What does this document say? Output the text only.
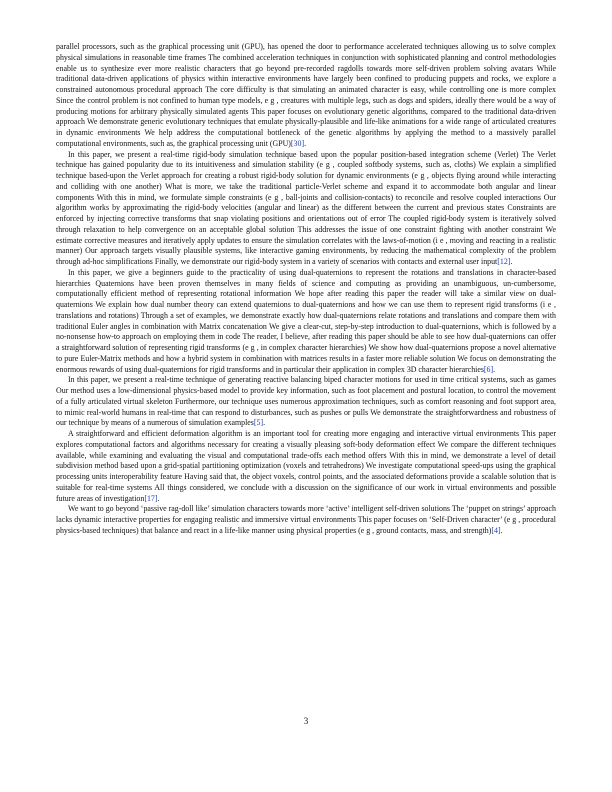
parallel processors, such as the graphical processing unit (GPU), has opened the door to performance accelerated techniques allowing us to solve complex physical simulations in reasonable time frames The combined acceleration techniques in conjunction with sophisticated planning and control methodologies enable us to synthesize ever more realistic characters that go beyond pre-recorded ragdolls towards more self-driven problem solving avatars While traditional data-driven applications of physics within interactive environments have largely been confined to producing puppets and rocks, we explore a constrained autonomous procedural approach The core difficulty is that simulating an animated character is easy, while controlling one is more complex Since the control problem is not confined to human type models, e g , creatures with multiple legs, such as dogs and spiders, ideally there would be a way of producing motions for arbitrary physically simulated agents This paper focuses on evolutionary genetic algorithms, compared to the traditional data-driven approach We demonstrate generic evolutionary techniques that emulate physically-plausible and life-like animations for a wide range of articulated creatures in dynamic environments We help address the computational bottleneck of the genetic algorithms by applying the method to a massively parallel computational environments, such as, the graphical processing unit (GPU)[30].

In this paper, we present a real-time rigid-body simulation technique based upon the popular position-based integration scheme (Verlet) The Verlet technique has gained popularity due to its intuitiveness and simulation stability (e g , coupled softbody systems, such as, cloths) We explain a simplified technique based-upon the Verlet approach for creating a robust rigid-body solution for dynamic environments (e g , objects flying around while interacting and colliding with one another) What is more, we take the traditional particle-Verlet scheme and expand it to accommodate both angular and linear components With this in mind, we formulate simple constraints (e g , ball-joints and collision-contacts) to reconcile and resolve coupled interactions Our algorithm works by approximating the rigid-body velocities (angular and linear) as the different between the current and previous states Constraints are enforced by injecting corrective transforms that snap violating positions and orientations out of error The coupled rigid-body system is iteratively solved through relaxation to help convergence on an acceptable global solution This addresses the issue of one constraint fighting with another constraint We estimate corrective measures and iteratively apply updates to ensure the simulation correlates with the laws-of-motion (i e , moving and reacting in a realistic manner) Our approach targets visually plausible systems, like interactive gaming environments, by reducing the mathematical complexity of the problem through ad-hoc simplifications Finally, we demonstrate our rigid-body system in a variety of scenarios with contacts and external user input[12].

In this paper, we give a beginners guide to the practicality of using dual-quaternions to represent the rotations and translations in character-based hierarchies Quaternions have been proven themselves in many fields of science and computing as providing an unambiguous, un-cumbersome, computationally efficient method of representing rotational information We hope after reading this paper the reader will take a similar view on dual-quaternions We explain how dual number theory can extend quaternions to dual-quaternions and how we can use them to represent rigid transforms (i e , translations and rotations) Through a set of examples, we demonstrate exactly how dual-quaternions relate rotations and translations and compare them with traditional Euler angles in combination with Matrix concatenation We give a clear-cut, step-by-step introduction to dual-quaternions, which is followed by a no-nonsense how-to approach on employing them in code The reader, I believe, after reading this paper should be able to see how dual-quaternions can offer a straightforward solution of representing rigid transforms (e g , in complex character hierarchies) We show how dual-quaternions propose a novel alternative to pure Euler-Matrix methods and how a hybrid system in combination with matrices results in a faster more reliable solution We focus on demonstrating the enormous rewards of using dual-quaternions for rigid transforms and in particular their application in complex 3D character hierarchies[6].

In this paper, we present a real-time technique of generating reactive balancing biped character motions for used in time critical systems, such as games Our method uses a low-dimensional physics-based model to provide key information, such as foot placement and postural location, to control the movement of a fully articulated virtual skeleton Furthermore, our technique uses numerous approximation techniques, such as comfort reasoning and foot support area, to mimic real-world humans in real-time that can respond to disturbances, such as pushes or pulls We demonstrate the straightforwardness and robustness of our technique by means of a numerous of simulation examples[5].

A straightforward and efficient deformation algorithm is an important tool for creating more engaging and interactive virtual environments This paper explores computational factors and algorithms necessary for creating a visually pleasing soft-body deformation effect We compare the different techniques available, while examining and evaluating the visual and computational trade-offs each method offers With this in mind, we demonstrate a level of detail subdivision method based upon a grid-spatial partitioning optimization (voxels and tetrahedrons) We investigate computational speed-ups using the graphical processing units interoperability feature Having said that, the object voxels, control points, and the associated deformations provide a scalable solution that is suitable for real-time systems All things considered, we conclude with a discussion on the significance of our work in virtual environments and possible future areas of investigation[17].

We want to go beyond ‘passive rag-doll like’ simulation characters towards more ‘active’ intelligent self-driven solutions The ‘puppet on strings’ approach lacks dynamic interactive properties for engaging realistic and immersive virtual environments This paper focuses on ‘Self-Driven character’ (e g , procedural physics-based techniques) that balance and react in a life-like manner using physical properties (e g , ground contacts, mass, and strength)[4].

3
